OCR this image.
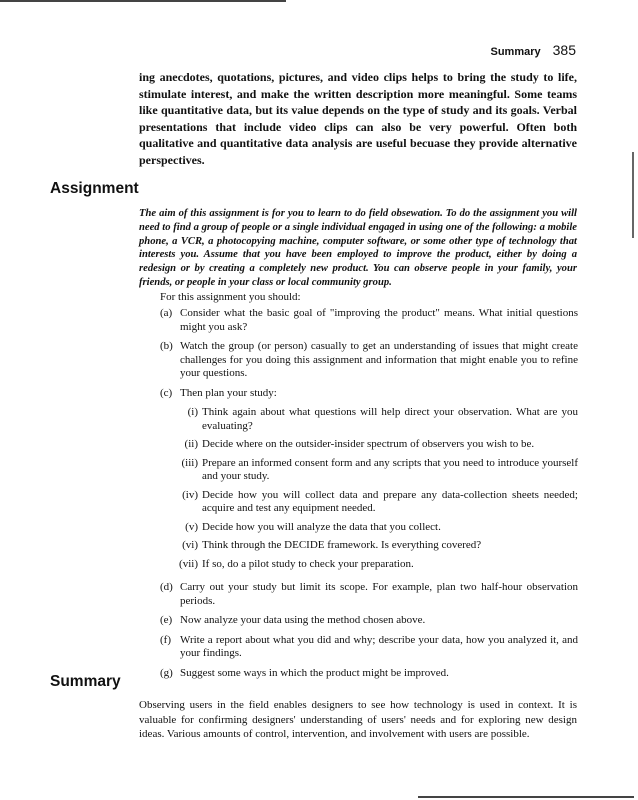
Summary 385

ing anecdotes, quotations, pictures, and video clips helps to bring the study to life, stimulate interest, and make the written description more meaningful. Some teams like quantitative data, but its value depends on the type of study and its goals. Verbal presentations that include video clips can also be very powerful. Often both qualitative and quantitative data analysis are useful becuase they provide alternative perspectives.

Assignment

The aim of this assignment is for you to learn to do field obsewation. To do the assignment you will need to find a group of people or a single individual engaged in using one of the following: a mobile phone, a VCR, a photocopying machine, computer software, or some other type of technology that interests you. Assume that you have been employed to improve the product, either by doing a redesign or by creating a completely new product. You can observe people in your family, your friends, or people in your class or local community group.

For this assignment you should:

(a) Consider what the basic goal of "improving the product" means. What initial questions might you ask?
(b) Watch the group (or person) casually to get an understanding of issues that might create challenges for you doing this assignment and information that might enable you to refine your questions.
(c) Then plan your study:
(i) Think again about what questions will help direct your observation. What are you evaluating?
(ii) Decide where on the outsider-insider spectrum of observers you wish to be.
(iii) Prepare an informed consent form and any scripts that you need to introduce yourself and your study.
(iv) Decide how you will collect data and prepare any data-collection sheets needed; acquire and test any equipment needed.
(v) Decide how you will analyze the data that you collect.
(vi) Think through the DECIDE framework. Is everything covered?
(vii) If so, do a pilot study to check your preparation.
(d) Carry out your study but limit its scope. For example, plan two half-hour observation periods.
(e) Now analyze your data using the method chosen above.
(f) Write a report about what you did and why; describe your data, how you analyzed it, and your findings.
(g) Suggest some ways in which the product might be improved.
Summary

Observing users in the field enables designers to see how technology is used in context. It is valuable for confirming designers' understanding of users' needs and for exploring new design ideas. Various amounts of control, intervention, and involvement with users are possible.
